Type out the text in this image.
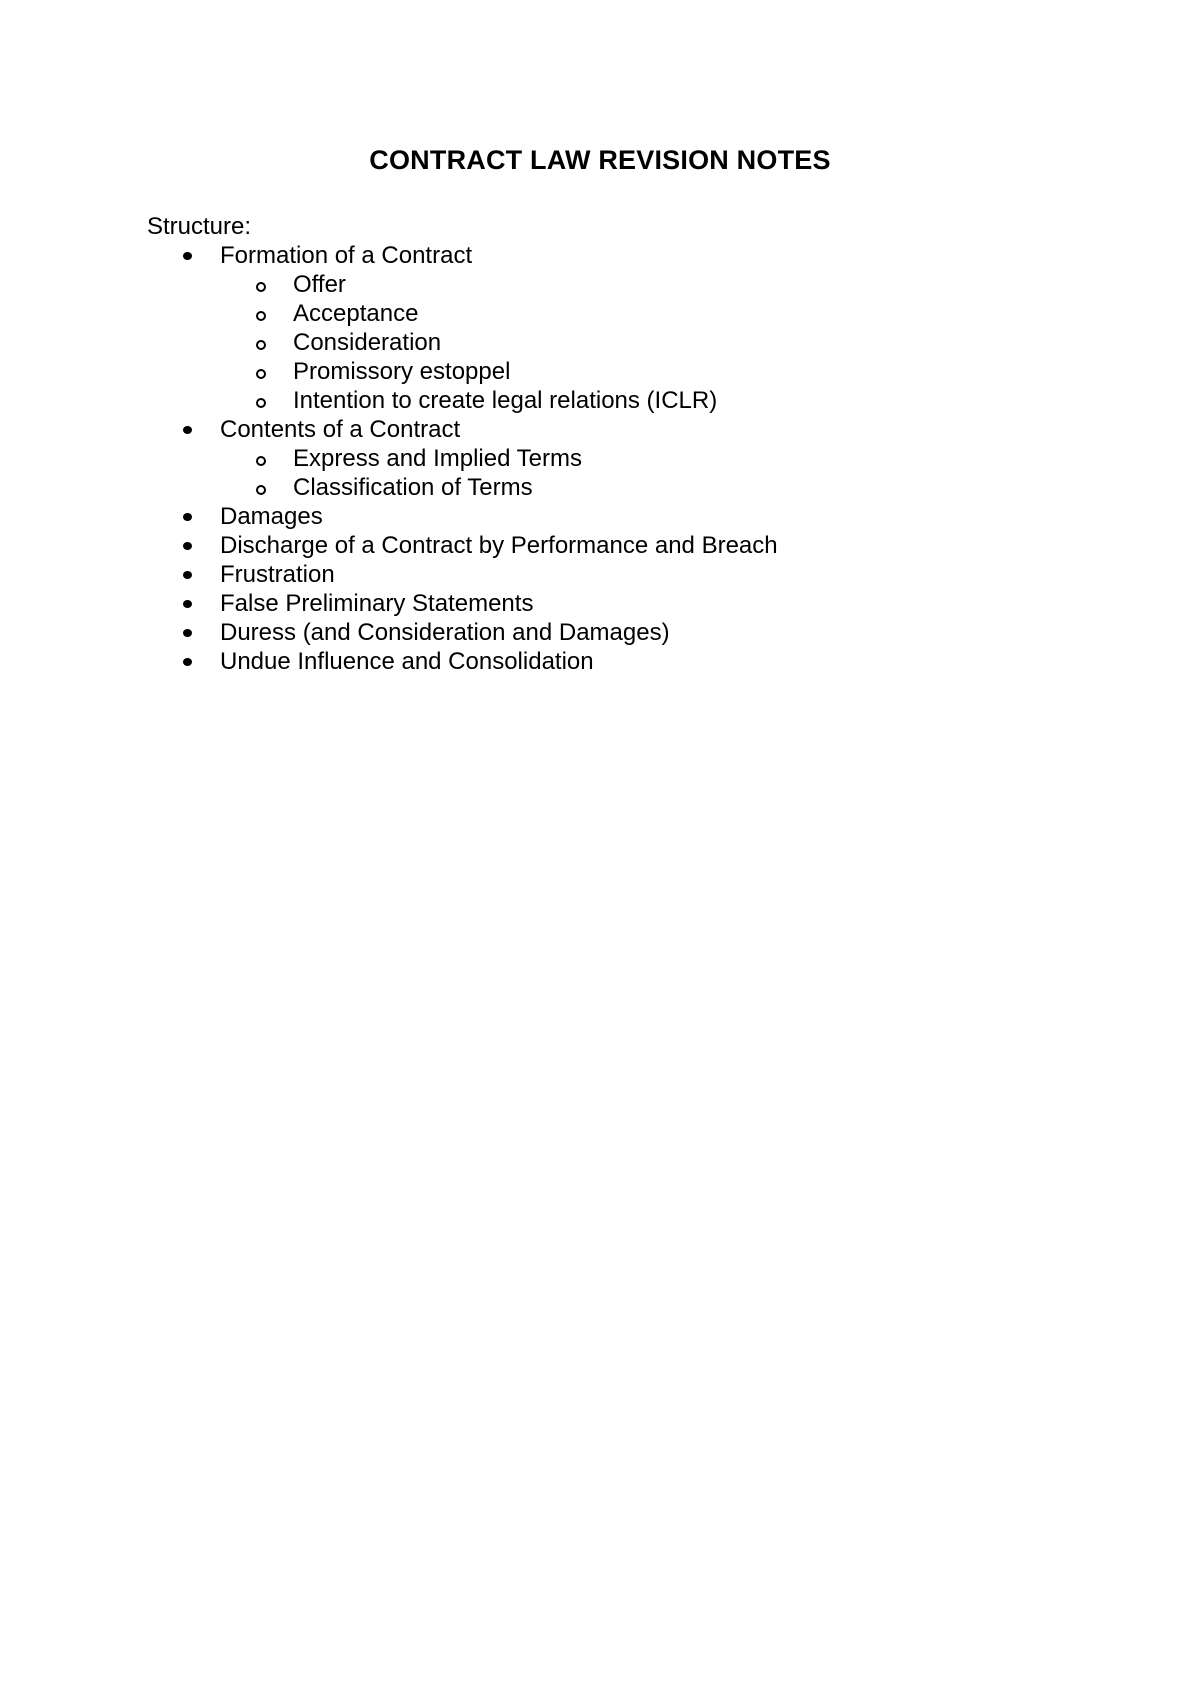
CONTRACT LAW REVISION NOTES

Structure:

Formation of a Contract
Offer
Acceptance
Consideration
Promissory estoppel
Intention to create legal relations (ICLR)
Contents of a Contract
Express and Implied Terms
Classification of Terms
Damages
Discharge of a Contract by Performance and Breach
Frustration
False Preliminary Statements
Duress (and Consideration and Damages)
Undue Influence and Consolidation
